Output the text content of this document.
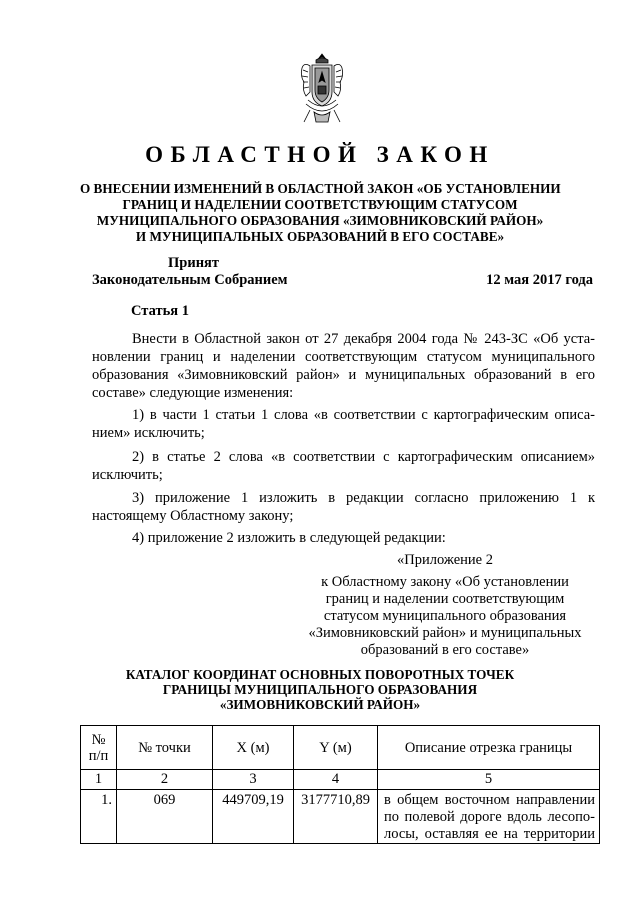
ОБЛАСТНОЙ ЗАКОН
О ВНЕСЕНИИ ИЗМЕНЕНИЙ В ОБЛАСТНОЙ ЗАКОН «ОБ УСТАНОВЛЕНИИ
ГРАНИЦ И НАДЕЛЕНИИ СООТВЕТСТВУЮЩИМ СТАТУСОМ
МУНИЦИПАЛЬНОГО ОБРАЗОВАНИЯ «ЗИМОВНИКОВСКИЙ РАЙОН»
И МУНИЦИПАЛЬНЫХ ОБРАЗОВАНИЙ В ЕГО СОСТАВЕ»
Принят
Законодательным Собранием	12 мая 2017 года
Статья 1
Внести в Областной закон от 27 декабря 2004 года № 243-ЗС «Об уста-
новлении границ и наделении соответствующим статусом муниципального
образования «Зимовниковский район» и муниципальных образований в его
составе» следующие изменения:
1) в части 1 статьи 1 слова «в соответствии с картографическим описа-
нием» исключить;
2) в статье 2 слова «в соответствии с картографическим описанием»
исключить;
3) приложение 1 изложить в редакции согласно приложению 1 к
настоящему Областному закону;
4) приложение 2 изложить в следующей редакции:
«Приложение 2
к Областному закону «Об установлении
границ и наделении соответствующим
статусом муниципального образования
«Зимовниковский район» и муниципальных
образований в его составе»
КАТАЛОГ КООРДИНАТ ОСНОВНЫХ ПОВОРОТНЫХ ТОЧЕК
ГРАНИЦЫ МУНИЦИПАЛЬНОГО ОБРАЗОВАНИЯ
«ЗИМОВНИКОВСКИЙ РАЙОН»
№
п/п	№ точки	X (м)	Y (м)	Описание отрезка границы
1	2	3	4	5
1.	069	449709,19	3177710,89	в общем восточном направлении
по полевой дороге вдоль лесопо-
лосы, оставляя ее на территории
